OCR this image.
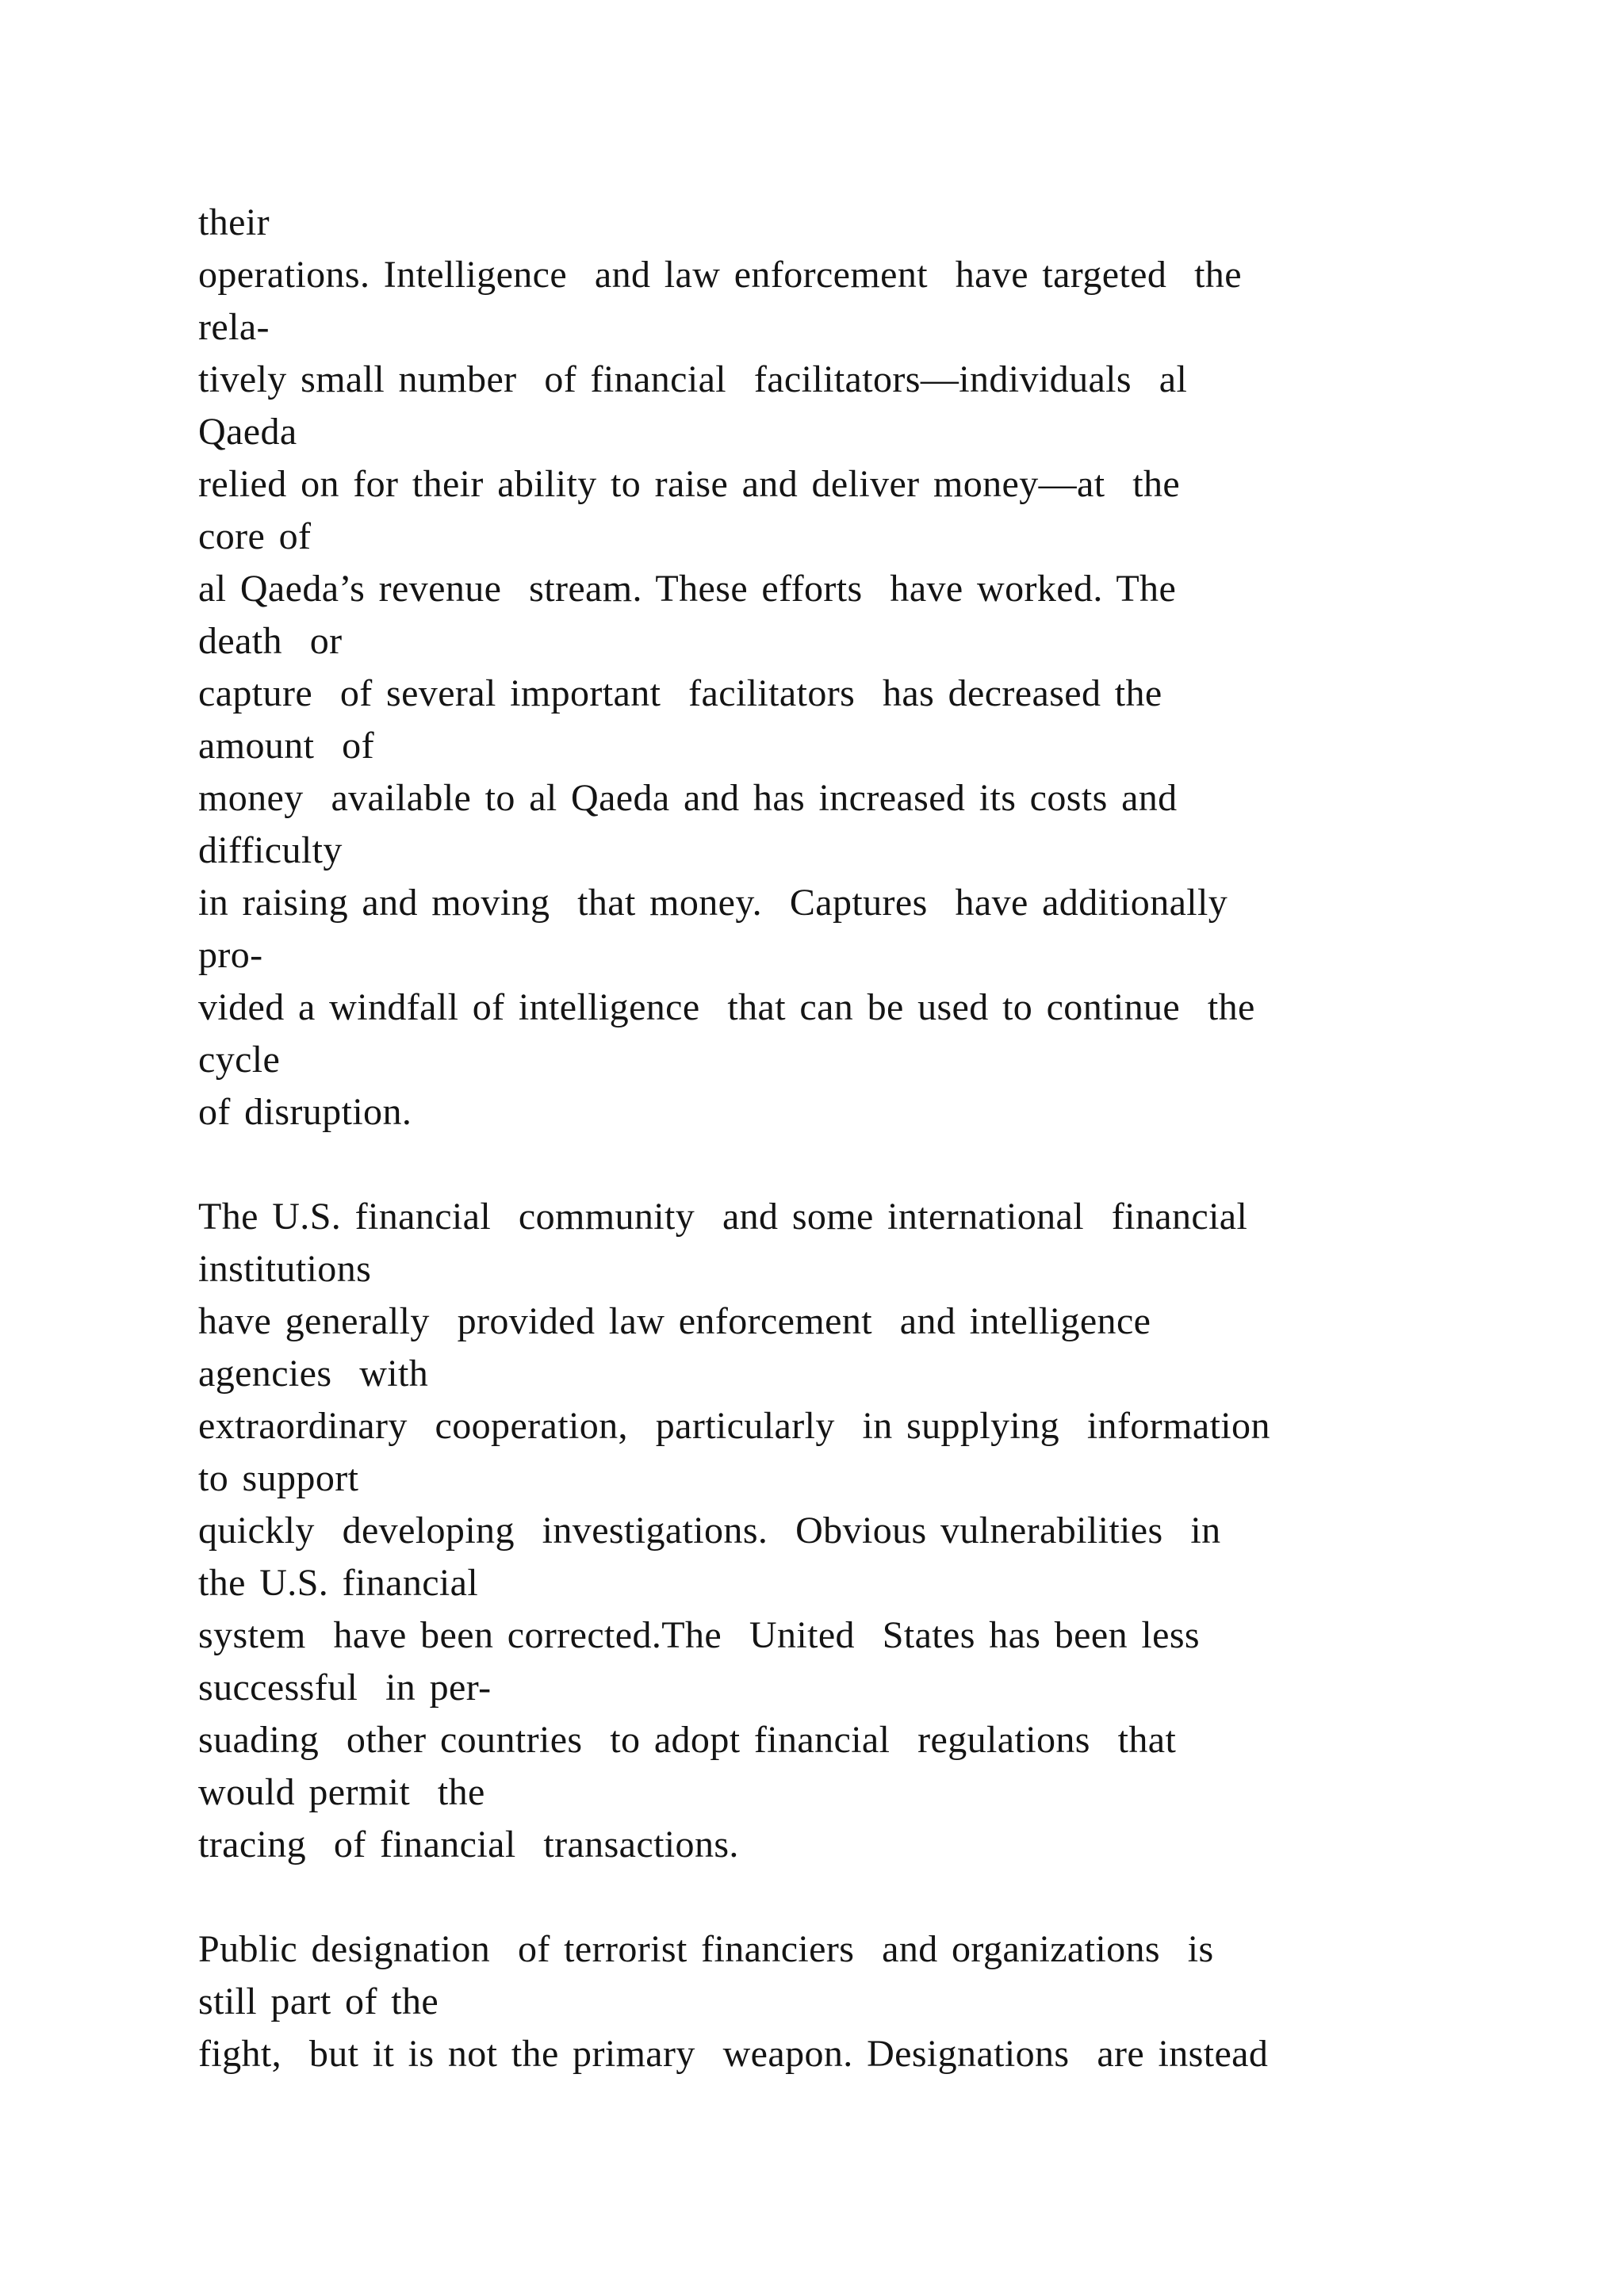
their
operations. Intelligence  and law enforcement  have targeted  the
rela-
tively small number  of financial  facilitators—individuals  al
Qaeda
relied on for their ability to raise and deliver money—at  the
core of
al Qaeda’s revenue  stream. These efforts  have worked. The
death  or
capture  of several important  facilitators  has decreased the
amount  of
money  available to al Qaeda and has increased its costs and
difficulty
in raising and moving  that money.  Captures  have additionally
pro-
vided a windfall of intelligence  that can be used to continue  the
cycle
of disruption.
The U.S. financial  community  and some international  financial
institutions
have generally  provided law enforcement  and intelligence
agencies  with
extraordinary  cooperation,  particularly  in supplying  information
to support
quickly  developing  investigations.  Obvious vulnerabilities  in
the U.S. financial
system  have been corrected.The  United  States has been less
successful  in per-
suading  other countries  to adopt financial  regulations  that
would permit  the
tracing  of financial  transactions.
Public designation  of terrorist financiers  and organizations  is
still part of the
fight,  but it is not the primary  weapon. Designations  are instead
